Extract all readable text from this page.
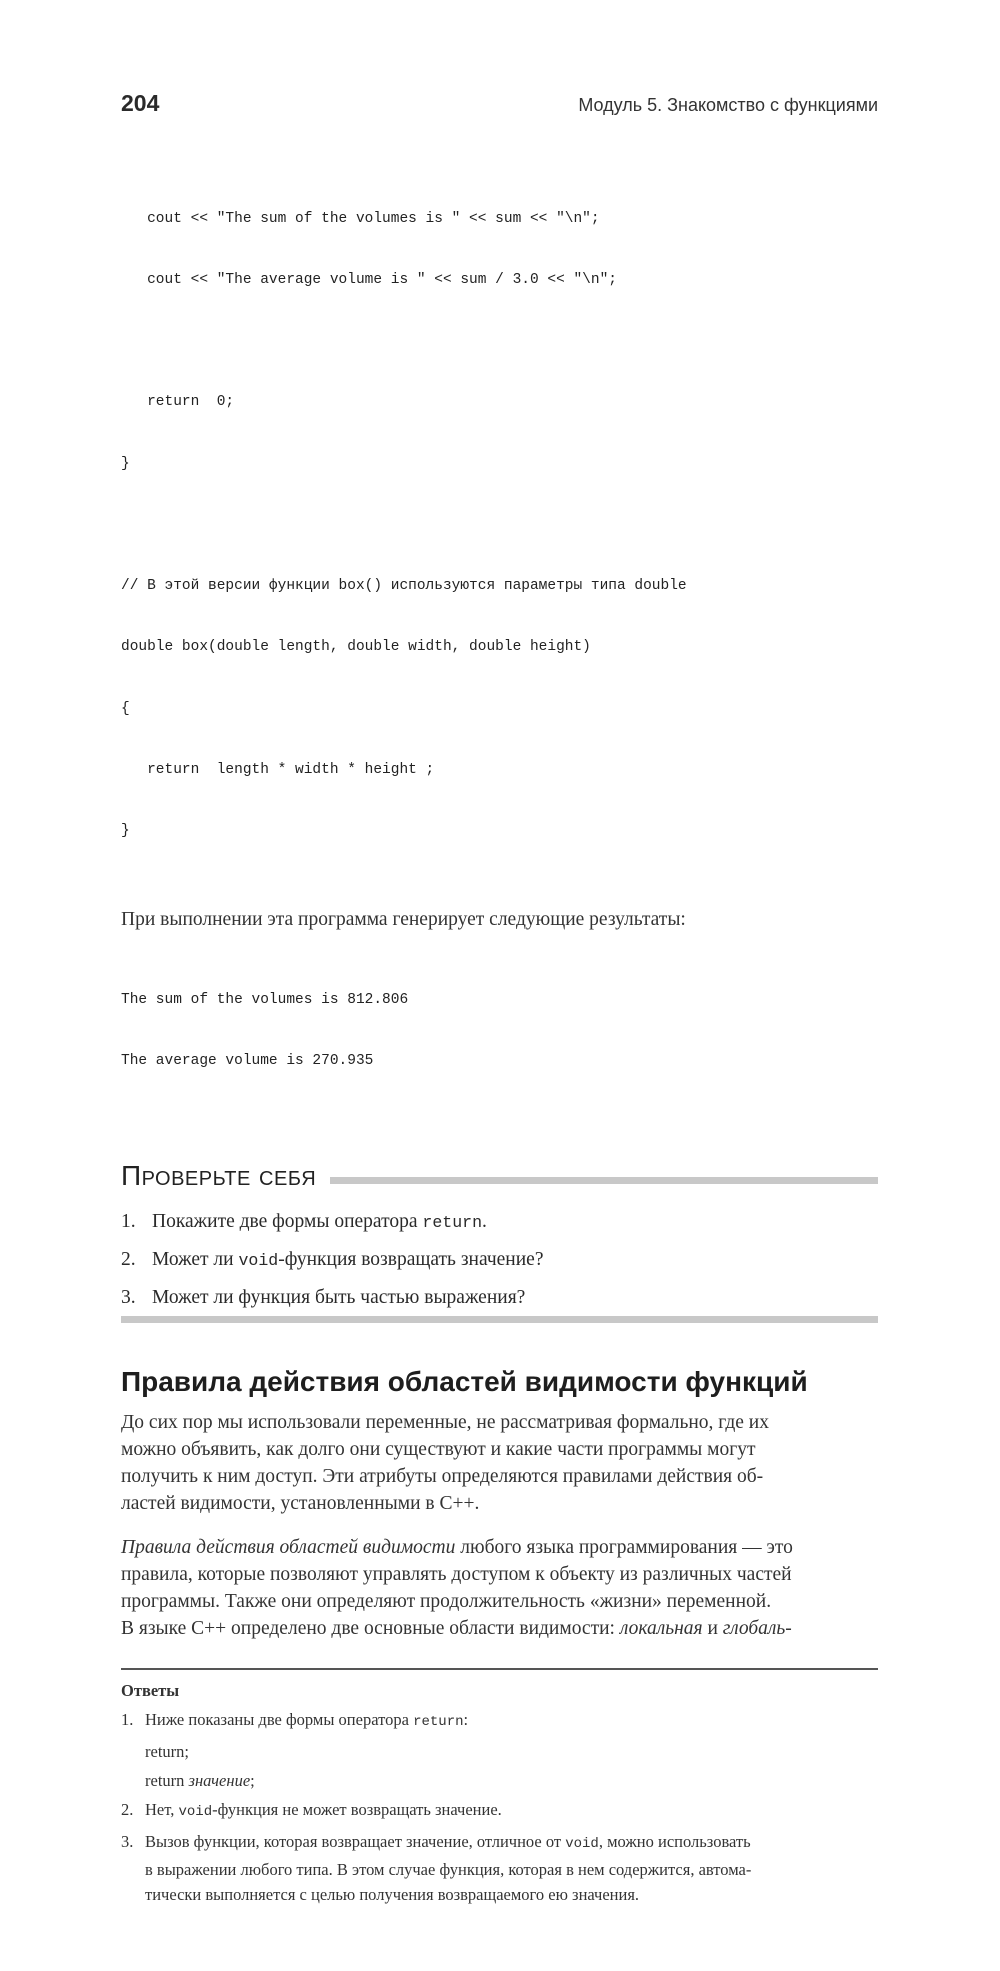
204	Модуль 5. Знакомство с функциями

cout << "The sum of the volumes is " << sum << "\n";

cout << "The average volume is " << sum / 3.0 << "\n";

return  0;

}

// В этой версии функции box() используются параметры типа double

double box(double length, double width, double height)

{

return  length * width * height ;

}

При выполнении эта программа генерирует следующие результаты:

The sum of the volumes is 812.806

The average volume is 270.935

Проверьте себя
1. Покажите две формы оператора return.
2. Может ли void-функция возвращать значение?
3. Может ли функция быть частью выражения?
Правила действия областей видимости функций
До сих пор мы использовали переменные, не рассматривая формально, где их
можно объявить, как долго они существуют и какие части программы могут
получить к ним доступ. Эти атрибуты определяются правилами действия об-
ластей видимости, установленными в C++.
Правила действия областей видимости любого языка программирования — это
правила, которые позволяют управлять доступом к объекту из различных частей
программы. Также они определяют продолжительность «жизни» переменной.
В языке C++ определено две основные области видимости: локальная и глобаль-
Ответы
1. Ниже показаны две формы оператора return:
return;
return значение;
2. Нет, void-функция не может возвращать значение.
3. Вызов функции, которая возвращает значение, отличное от void, можно использовать
в выражении любого типа. В этом случае функция, которая в нем содержится, автома-
тически выполняется с целью получения возвращаемого ею значения.
